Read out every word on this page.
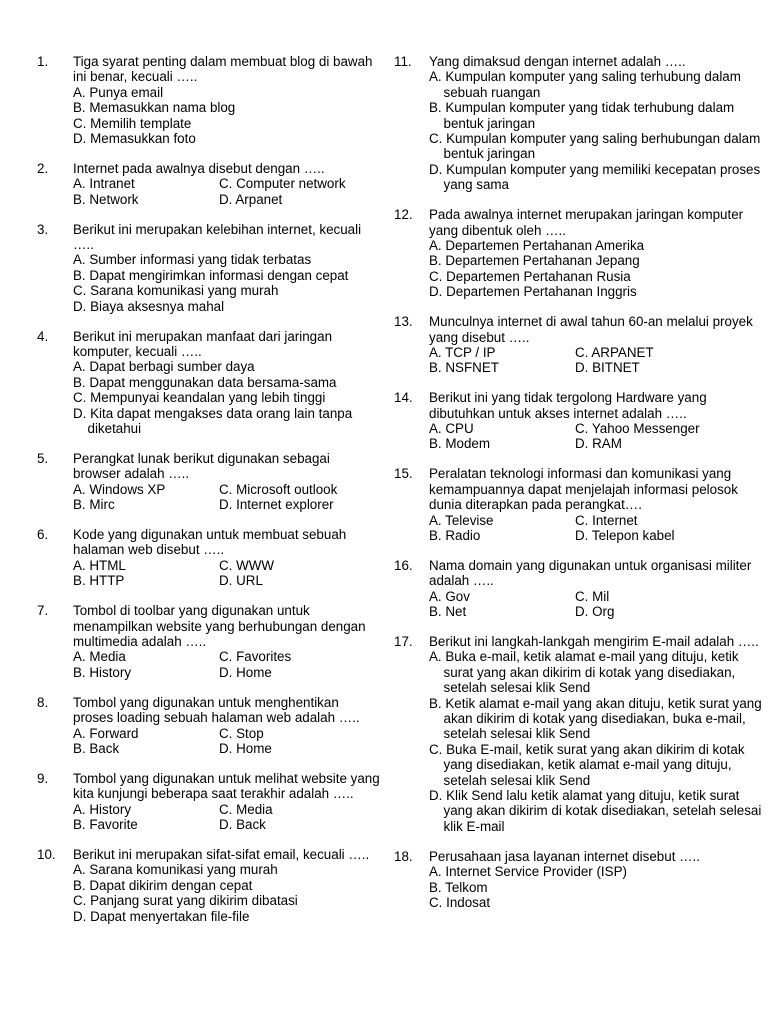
1. Tiga syarat penting dalam membuat blog di bawah ini benar, kecuali …..
A. Punya email
B. Memasukkan nama blog
C. Memilih template
D. Memasukkan foto
2. Internet pada awalnya disebut dengan …..
A. Intranet	C. Computer network
B. Network	D. Arpanet
3. Berikut ini merupakan kelebihan internet, kecuali …..
A. Sumber informasi yang tidak terbatas
B. Dapat mengirimkan informasi dengan cepat
C. Sarana komunikasi yang murah
D. Biaya aksesnya mahal
4. Berikut ini merupakan manfaat dari jaringan komputer, kecuali …..
A. Dapat berbagi sumber daya
B. Dapat menggunakan data bersama-sama
C. Mempunyai keandalan yang lebih tinggi
D. Kita dapat mengakses data orang lain tanpa diketahui
5. Perangkat lunak berikut digunakan sebagai browser adalah …..
A. Windows XP	C. Microsoft outlook
B. Mirc	D. Internet explorer
6. Kode yang digunakan untuk membuat sebuah halaman web disebut …..
A. HTML	C. WWW
B. HTTP	D. URL
7. Tombol di toolbar yang digunakan untuk menampilkan website yang berhubungan dengan multimedia adalah …..
A. Media	C. Favorites
B. History	D. Home
8. Tombol yang digunakan untuk menghentikan proses loading sebuah halaman web adalah …..
A. Forward	C. Stop
B. Back	D. Home
9. Tombol yang digunakan untuk melihat website yang kita kunjungi beberapa saat terakhir adalah …..
A. History	C. Media
B. Favorite	D. Back
10. Berikut ini merupakan sifat-sifat email, kecuali …..
A. Sarana komunikasi yang murah
B. Dapat dikirim dengan cepat
C. Panjang surat yang dikirim dibatasi
D. Dapat menyertakan file-file
11. Yang dimaksud dengan internet adalah …..
A. Kumpulan komputer yang saling terhubung dalam sebuah ruangan
B. Kumpulan komputer yang tidak terhubung dalam bentuk jaringan
C. Kumpulan komputer yang saling berhubungan dalam bentuk jaringan
D. Kumpulan komputer yang memiliki kecepatan proses yang sama
12. Pada awalnya internet merupakan jaringan komputer yang dibentuk oleh …..
A. Departemen Pertahanan Amerika
B. Departemen Pertahanan Jepang
C. Departemen Pertahanan Rusia
D. Departemen Pertahanan Inggris
13. Munculnya internet di awal tahun 60-an melalui proyek yang disebut …..
A. TCP / IP	C. ARPANET
B. NSFNET	D. BITNET
14. Berikut ini yang tidak tergolong Hardware yang dibutuhkan untuk akses internet adalah …..
A. CPU	C. Yahoo Messenger
B. Modem	D. RAM
15. Peralatan teknologi informasi dan komunikasi yang kemampuannya dapat menjelajah informasi pelosok dunia diterapkan pada perangkat….
A. Televise	C. Internet
B. Radio	D. Telepon kabel
16. Nama domain yang digunakan untuk organisasi militer adalah …..
A. Gov	C. Mil
B. Net	D. Org
17. Berikut ini langkah-lankgah mengirim E-mail adalah …..
A. Buka e-mail, ketik alamat e-mail yang dituju, ketik surat yang akan dikirim di kotak yang disediakan, setelah selesai klik Send
B. Ketik alamat e-mail yang akan dituju, ketik surat yang akan dikirim di kotak yang disediakan, buka e-mail, setelah selesai klik Send
C. Buka E-mail, ketik surat yang akan dikirim di kotak yang disediakan, ketik alamat e-mail yang dituju, setelah selesai klik Send
D. Klik Send lalu ketik alamat yang dituju, ketik surat yang akan dikirim di kotak disediakan, setelah selesai klik E-mail
18. Perusahaan jasa layanan internet disebut …..
A. Internet Service Provider (ISP)
B. Telkom
C. Indosat
